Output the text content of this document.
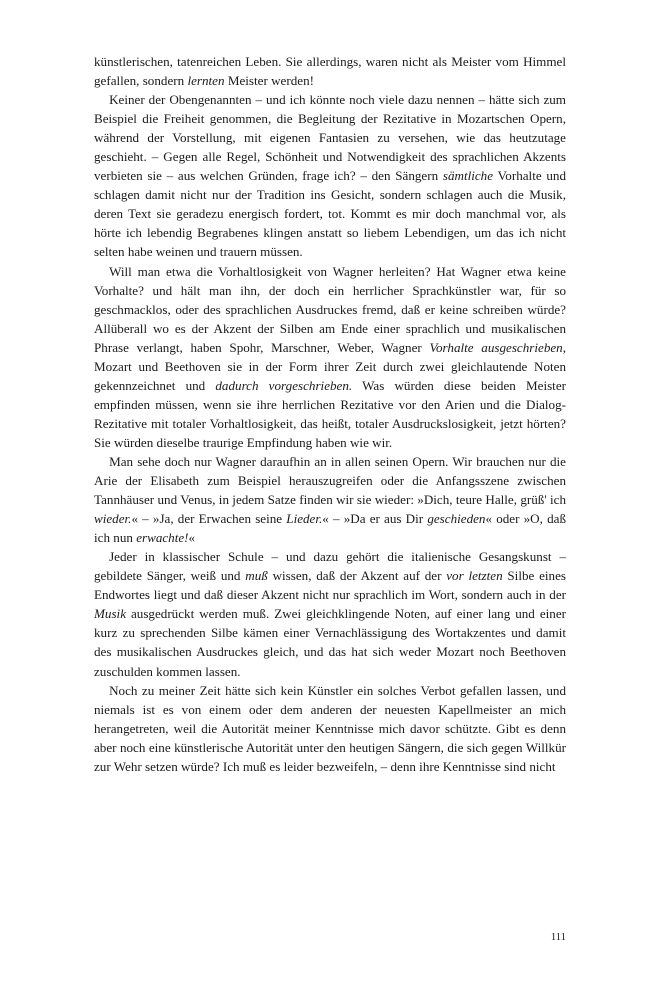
künstlerischen, tatenreichen Leben. Sie allerdings, waren nicht als Meister vom Himmel gefallen, sondern lernten Meister werden!

Keiner der Obengenannten – und ich könnte noch viele dazu nennen – hätte sich zum Beispiel die Freiheit genommen, die Begleitung der Rezitative in Mozartschen Opern, während der Vorstellung, mit eigenen Fantasien zu versehen, wie das heutzutage geschieht. – Gegen alle Regel, Schönheit und Notwendigkeit des sprachlichen Akzents verbieten sie – aus welchen Gründen, frage ich? – den Sängern sämtliche Vorhalte und schlagen damit nicht nur der Tradition ins Gesicht, sondern schlagen auch die Musik, deren Text sie geradezu energisch fordert, tot. Kommt es mir doch manchmal vor, als hörte ich lebendig Begrabenes klingen anstatt so liebem Lebendigen, um das ich nicht selten habe weinen und trauern müssen.

Will man etwa die Vorhaltlosigkeit von Wagner herleiten? Hat Wagner etwa keine Vorhalte? und hält man ihn, der doch ein herrlicher Sprachkünstler war, für so geschmacklos, oder des sprachlichen Ausdruckes fremd, daß er keine schreiben würde? Allüberall wo es der Akzent der Silben am Ende einer sprachlich und musikalischen Phrase verlangt, haben Spohr, Marschner, Weber, Wagner Vorhalte ausgeschrieben, Mozart und Beethoven sie in der Form ihrer Zeit durch zwei gleichlautende Noten gekennzeichnet und dadurch vorgeschrieben. Was würden diese beiden Meister empfinden müssen, wenn sie ihre herrlichen Rezitative vor den Arien und die Dialog-Rezitative mit totaler Vorhaltlosigkeit, das heißt, totaler Ausdruckslosigkeit, jetzt hörten? Sie würden dieselbe traurige Empfindung haben wie wir.

Man sehe doch nur Wagner daraufhin an in allen seinen Opern. Wir brauchen nur die Arie der Elisabeth zum Beispiel herauszugreifen oder die Anfangsszene zwischen Tannhäuser und Venus, in jedem Satze finden wir sie wieder: »Dich, teure Halle, grüß' ich wieder.« – »Ja, der Erwachen seine Lieder.« – »Da er aus Dir geschieden« oder »O, daß ich nun erwachte!«

Jeder in klassischer Schule – und dazu gehört die italienische Gesangskunst – gebildete Sänger, weiß und muß wissen, daß der Akzent auf der vor letzten Silbe eines Endwortes liegt und daß dieser Akzent nicht nur sprachlich im Wort, sondern auch in der Musik ausgedrückt werden muß. Zwei gleichklingende Noten, auf einer lang und einer kurz zu sprechenden Silbe kämen einer Vernachlässigung des Wortakzentes und damit des musikalischen Ausdruckes gleich, und das hat sich weder Mozart noch Beethoven zuschulden kommen lassen.

Noch zu meiner Zeit hätte sich kein Künstler ein solches Verbot gefallen lassen, und niemals ist es von einem oder dem anderen der neuesten Kapellmeister an mich herangetreten, weil die Autorität meiner Kenntnisse mich davor schützte. Gibt es denn aber noch eine künstlerische Autorität unter den heutigen Sängern, die sich gegen Willkür zur Wehr setzen würde? Ich muß es leider bezweifeln, – denn ihre Kenntnisse sind nicht

111
